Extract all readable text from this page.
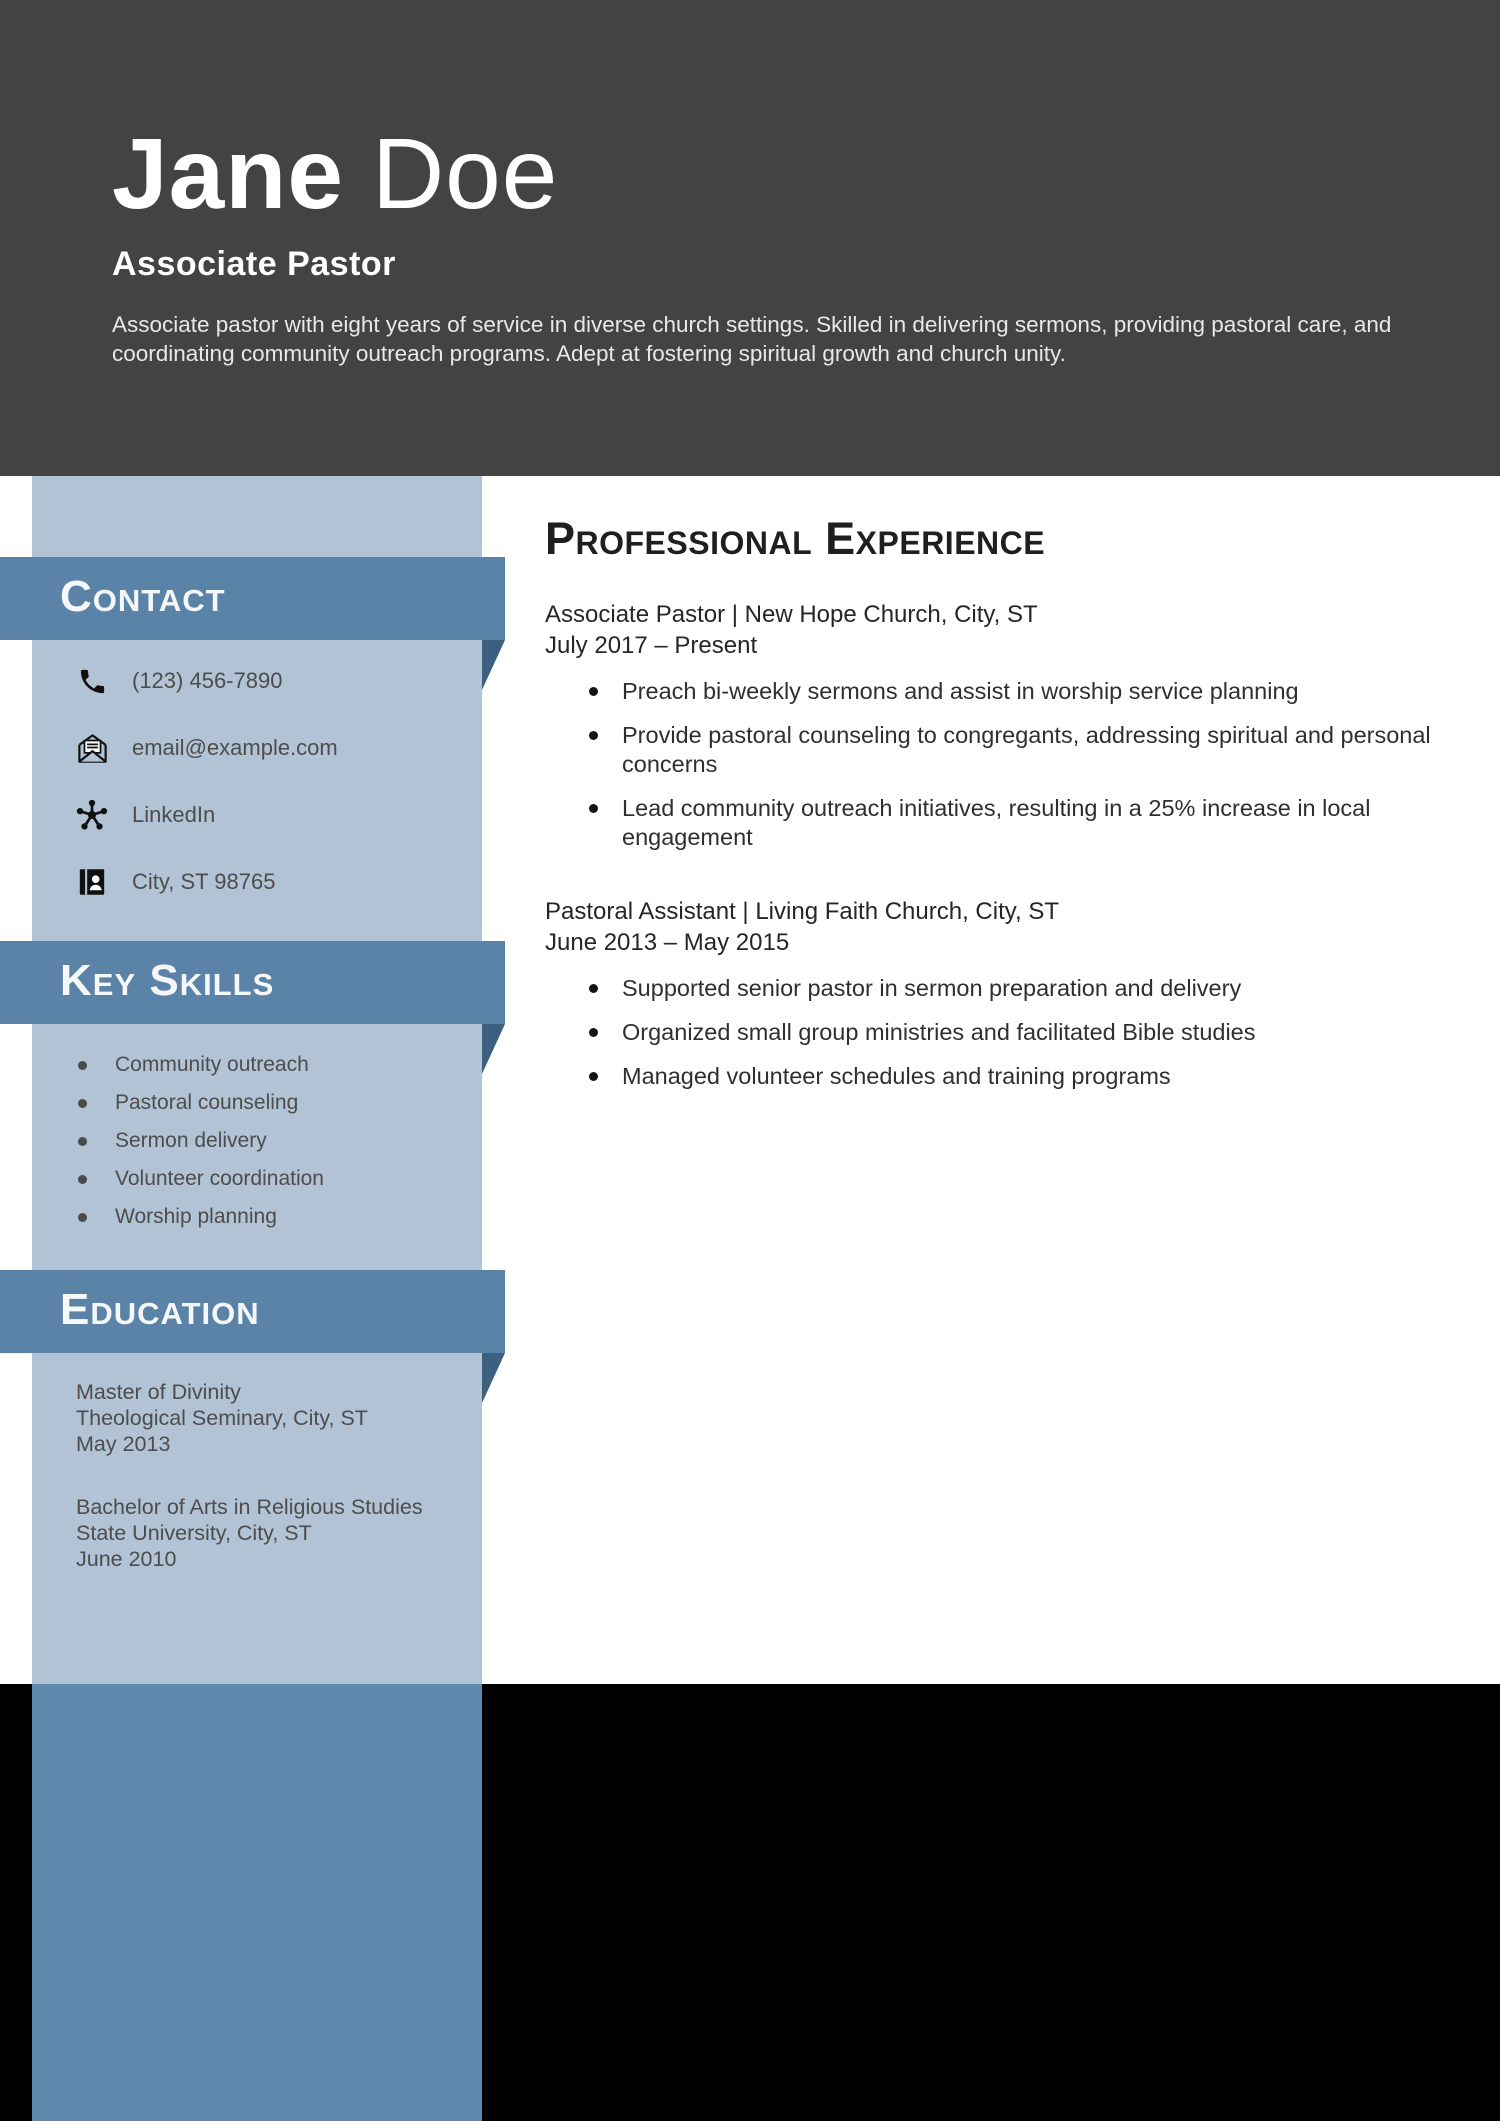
Jane Doe
Associate Pastor

Associate pastor with eight years of service in diverse church settings. Skilled in delivering sermons, providing pastoral care, and coordinating community outreach programs. Adept at fostering spiritual growth and church unity.

Contact
Key Skills
Education
(123) 456-7890
email@example.com
LinkedIn
City, ST 98765
Community outreach
Pastoral counseling
Sermon delivery
Volunteer coordination
Worship planning
Master of Divinity
Theological Seminary, City, ST
May 2013
Bachelor of Arts in Religious Studies
State University, City, ST
June 2010
Professional Experience
Associate Pastor | New Hope Church, City, ST
July 2017 – Present
Preach bi-weekly sermons and assist in worship service planning
Provide pastoral counseling to congregants, addressing spiritual and personal concerns
Lead community outreach initiatives, resulting in a 25% increase in local engagement
Pastoral Assistant | Living Faith Church, City, ST
June 2013 – May 2015
Supported senior pastor in sermon preparation and delivery
Organized small group ministries and facilitated Bible studies
Managed volunteer schedules and training programs
